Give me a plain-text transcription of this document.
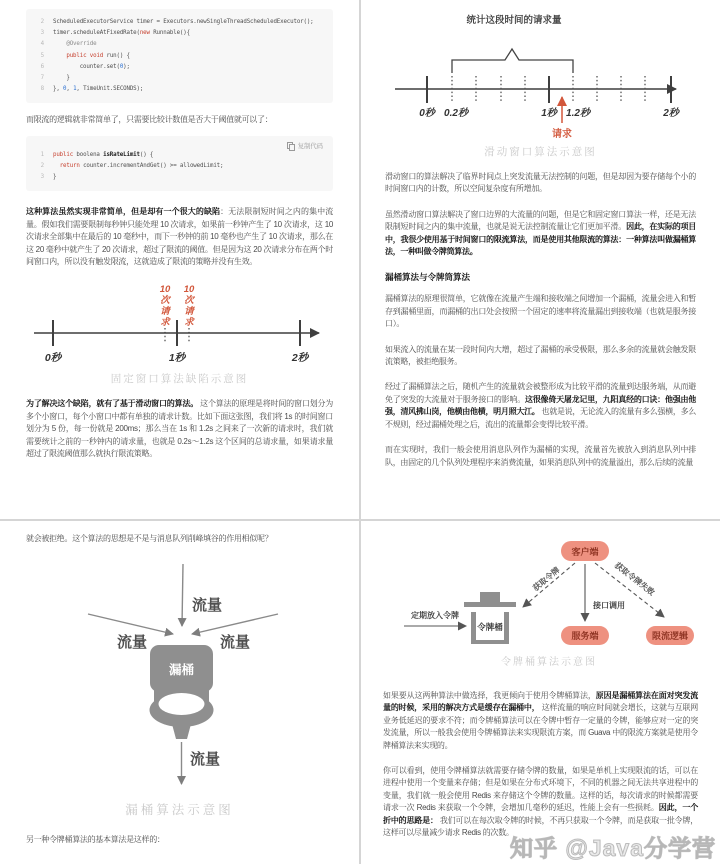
2 ScheduledExecutorService timer = Executors.newSingleThreadScheduledExecutor();
3 timer.scheduleAtFixedRate(new Runnable(){
4 @Override
5	public void run() {
6 counter.set(0);
7 }
8 }, 0, 1, TimeUnit.SECONDS);

而限流的逻辑就非常简单了，只需要比较计数值是否大于阈值就可以了：

复制代码
1 public boolena isRateLimit() {
2	return counter.incrementAndGet() >= allowedLimit;
3 }

这种算法虽然实现非常简单，但是却有一个很大的缺陷：无法限制短时间之内的集中流量。假如我们需要限制每秒钟只能处理 10 次请求，如果前一秒钟产生了 10 次请求，这 10 次请求全部集中在最后的 10 毫秒中，而下一秒钟的前 10 毫秒也产生了 10 次请求，那么在这 20 毫秒中就产生了 20 次请求，超过了限流的阈值。但是因为这 20 次请求分布在两个时间窗口内，所以没有触发限流，这就造成了限流的策略并没有生效。

10
次
请
求
10
次
请
求
0秒	1秒	2秒
固定窗口算法缺陷示意图

为了解决这个缺陷，就有了基于滑动窗口的算法。 这个算法的原理是将时间的窗口划分为多个小窗口，每个小窗口中都有单独的请求计数。比如下面这张图，我们将 1s 的时间窗口划分为 5 份，每一份就是 200ms；那么当在 1s 和 1.2s 之间来了一次新的请求时，我们就需要统计之前的一秒钟内的请求量，也就是 0.2s～1.2s 这个区间的总请求量，如果请求量超过了限流阈值那么就执行限流策略。

统计这段时间的请求量
0秒 0.2秒	1秒 1.2秒	2秒
请求
滑动窗口算法示意图

滑动窗口的算法解决了临界时间点上突发流量无法控制的问题，但是却因为要存储每个小的时间窗口内的计数，所以空间复杂度有所增加。

虽然滑动窗口算法解决了窗口边界的大流量的问题，但是它和固定窗口算法一样，还是无法限制短时间之内的集中流量，也就是说无法控制流量让它们更加平滑。因此，在实际的项目中，我很少使用基于时间窗口的限流算法，而是使用其他限流的算法：一种算法叫做漏桶算法，一种叫做令牌筒算法。

漏桶算法与令牌筒算法

漏桶算法的原理很简单，它就像在流量产生端和接收端之间增加一个漏桶，流量会进入和暂存到漏桶里面，而漏桶的出口处会按照一个固定的速率将流量漏出到接收端（也就是服务接口）。

如果流入的流量在某一段时间内大增，超过了漏桶的承受极限，那么多余的流量就会触发限流策略，被拒绝服务。

经过了漏桶算法之后，随机产生的流量就会被整形成为比较平滑的流量到达服务端，从而避免了突发的大流量对于服务接口的影响。这很像倚天屠龙记里，九阳真经的口诀：他强由他强，清风拂山岗，他横由他横，明月照大江。 也就是说，无论流入的流量有多么强横，多么不规则，经过漏桶处理之后，流出的流量都会变得比较平滑。

而在实现时，我们一般会使用消息队列作为漏桶的实现，流量首先被放入到消息队列中排队，由固定的几个队列处理程序来消费流量，如果消息队列中的流量溢出，那么后续的流量

就会被拒绝。这个算法的思想是不是与消息队列削峰填谷的作用相似呢？

流量
流量	流量
漏桶
流量
漏桶算法示意图

另一种令牌桶算法的基本算法是这样的：

获取令牌
接口调用
获取令牌失败
客户端
服务端	限流逻辑
令牌桶
定期放入令牌
令牌桶算法示意图

如果要从这两种算法中做选择，我更倾向于使用令牌桶算法，原因是漏桶算法在面对突发流量的时候，采用的解决方式是缓存在漏桶中， 这样流量的响应时间就会增长，这就与互联网业务低延迟的要求不符；而令牌桶算法可以在令牌中暂存一定量的令牌，能够应对一定的突发流量，所以一般我会使用令牌桶算法来实现限流方案，而 Guava 中的限流方案就是使用令牌桶算法来实现的。

你可以看到，使用令牌桶算法就需要存储令牌的数量，如果是单机上实现限流的话，可以在进程中使用一个变量来存储；但是如果在分布式环境下，不同的机器之间无法共享进程中的变量，我们就一般会使用 Redis 来存储这个令牌的数量。这样的话，每次请求的时候都需要请求一次 Redis 来获取一个令牌，会增加几毫秒的延迟，性能上会有一些损耗。因此，一个折中的思路是： 我们可以在每次取令牌的时候，不再只获取一个令牌，而是获取一批令牌，这样可以尽量减少请求 Redis 的次数。

知乎 @Java分学营
